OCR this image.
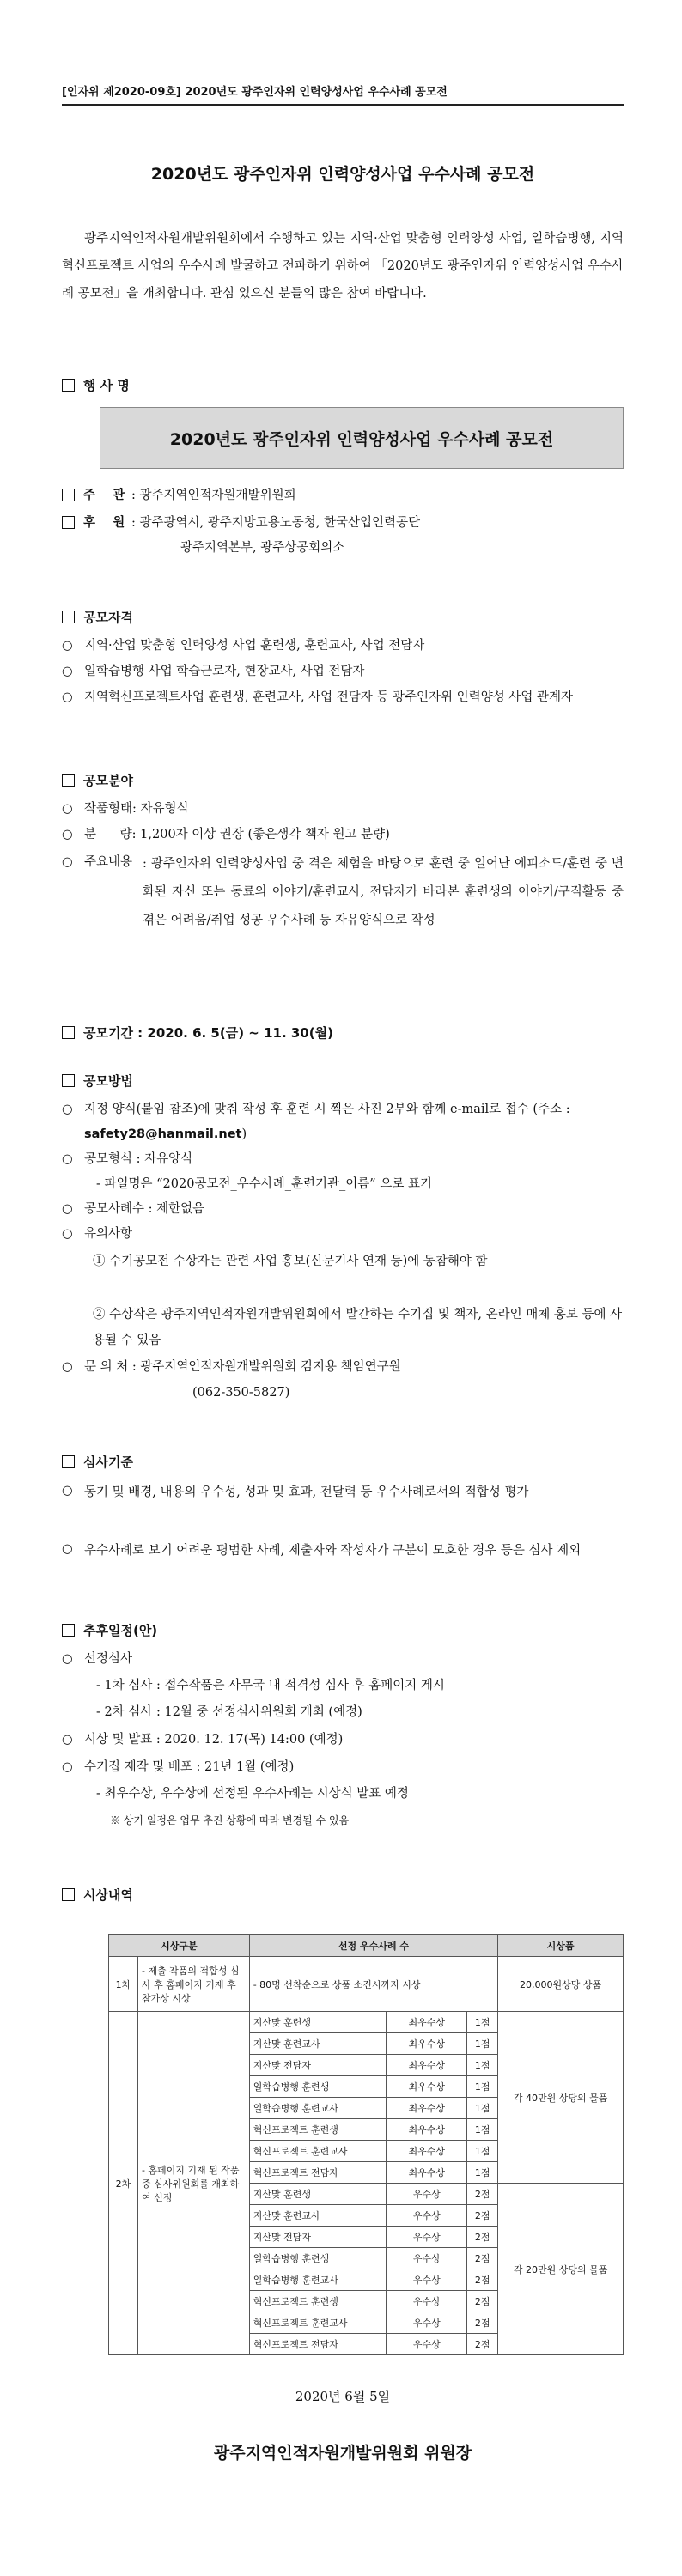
[인자위 제2020-09호] 2020년도 광주인자위 인력양성사업 우수사례 공모전
2020년도 광주인자위 인력양성사업 우수사례 공모전
광주지역인적자원개발위원회에서 수행하고 있는 지역·산업 맞춤형 인력양성 사업, 일학습병행, 지역혁신프로젝트 사업의 우수사례 발굴하고 전파하기 위하여 「2020년도 광주인자위 인력양성사업 우수사례 공모전」을 개최합니다. 관심 있으신 분들의 많은 참여 바랍니다.
행 사 명
2020년도 광주인자위 인력양성사업 우수사례 공모전
주    관 : 광주지역인적자원개발위원회
후    원 : 광주광역시, 광주지방고용노동청, 한국산업인력공단
광주지역본부, 광주상공회의소
공모자격
○ 지역·산업 맞춤형 인력양성 사업 훈련생, 훈련교사, 사업 전담자
○ 일학습병행 사업 학습근로자, 현장교사, 사업 전담자
○ 지역혁신프로젝트사업 훈련생, 훈련교사, 사업 전담자 등 광주인자위 인력양성 사업 관계자
공모분야
○ 작품형태: 자유형식
○ 분      량: 1,200자 이상 권장 (좋은생각 책자 원고 분량)
○ 주요내용 : 광주인자위 인력양성사업 중 겪은 체험을 바탕으로 훈련 중 일어난 에피소드/훈련 중 변화된 자신 또는 동료의 이야기/훈련교사, 전담자가 바라본 훈련생의 이야기/구직활동 중 겪은 어려움/취업 성공 우수사례 등 자유양식으로 작성
공모기간 : 2020. 6. 5(금) ~ 11. 30(월)
공모방법
○ 지정 양식(붙임 참조)에 맞춰 작성 후 훈련 시 찍은 사진 2부와 함께 e-mail로 접수 (주소 : safety28@hanmail.net)
○ 공모형식 : 자유양식
- 파일명은 “2020공모전_우수사례_훈련기관_이름” 으로 표기
○ 공모사례수 : 제한없음
○ 유의사항
① 수기공모전 수상자는 관련 사업 홍보(신문기사 연재 등)에 동참해야 함
② 수상작은 광주지역인적자원개발위원회에서 발간하는 수기집 및 책자, 온라인 매체 홍보 등에 사용될 수 있음
○ 문 의 처 : 광주지역인적자원개발위원회 김지용 책임연구원
(062-350-5827)
심사기준
○ 동기 및 배경, 내용의 우수성, 성과 및 효과, 전달력 등 우수사례로서의 적합성 평가
○ 우수사례로 보기 어려운 평범한 사례, 제출자와 작성자가 구분이 모호한 경우 등은 심사 제외
추후일정(안)
○ 선정심사
- 1차 심사 : 접수작품은 사무국 내 적격성 심사 후 홈페이지 게시
- 2차 심사 : 12월 중 선정심사위원회 개최 (예정)
○ 시상 및 발표 : 2020. 12. 17(목) 14:00 (예정)
○ 수기집 제작 및 배포 : 21년 1월 (예정)
- 최우수상, 우수상에 선정된 우수사례는 시상식 발표 예정
※ 상기 일정은 업무 추진 상황에 따라 변경될 수 있음
시상내역
시상구분		선정 우수사례 수			시상품
1차	- 제출 작품의 적합성 심사 후 홈페이지 기재 후 참가상 시상	- 80명 선착순으로 상품 소진시까지 시상			20,000원상당 상품
2차	- 홈페이지 기재 된 작품 중 심사위원회를 개최하여 선정	지산맞 훈련생	최우수상	1점	각 40만원 상당의 물품
		지산맞 훈련교사	최우수상	1점	
		지산맞 전담자	최우수상	1점	
		일학습병행 훈련생	최우수상	1점	
		일학습병행 훈련교사	최우수상	1점	
		혁신프로젝트 훈련생	최우수상	1점	
		혁신프로젝트 훈련교사	최우수상	1점	
		혁신프로젝트 전담자	최우수상	1점	
		지산맞 훈련생	우수상	2점	각 20만원 상당의 물품
		지산맞 훈련교사	우수상	2점	
		지산맞 전담자	우수상	2점	
		일학습병행 훈련생	우수상	2점	
		일학습병행 훈련교사	우수상	2점	
		혁신프로젝트 훈련생	우수상	2점	
		혁신프로젝트 훈련교사	우수상	2점	
		혁신프로젝트 전담자	우수상	2점	
2020년 6월 5일
광주지역인적자원개발위원회 위원장
